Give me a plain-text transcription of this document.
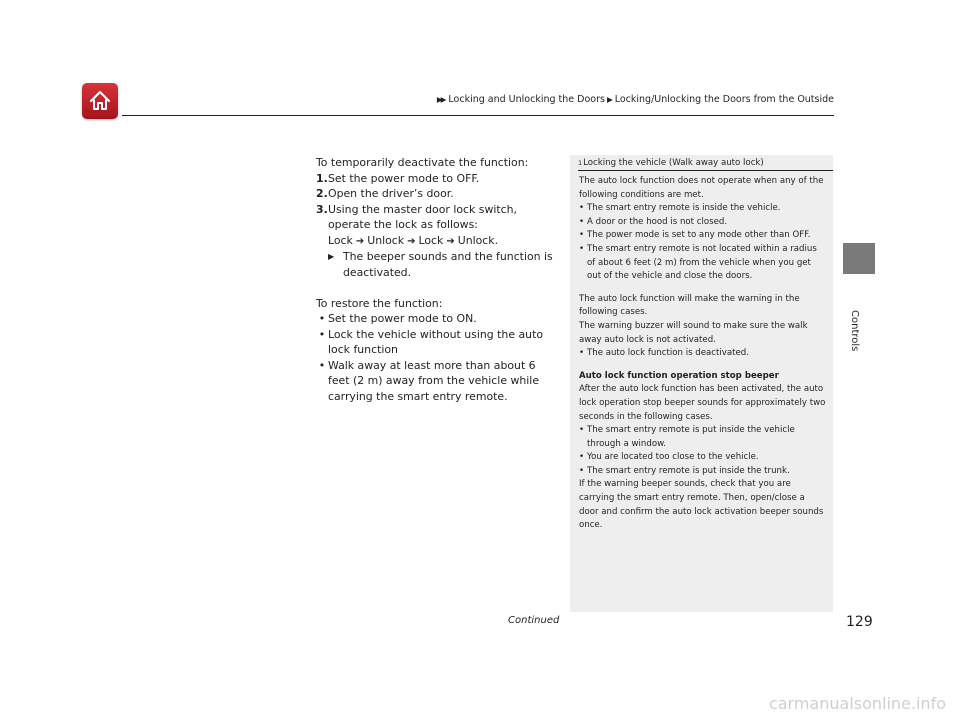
▶▶ Locking and Unlocking the Doors ▶ Locking/Unlocking the Doors from the Outside

To temporarily deactivate the function:

1. Set the power mode to OFF.
2. Open the driver’s door.
3. Using the master door lock switch, operate the lock as follows:
Lock ➔ Unlock ➔ Lock ➔ Unlock.
▶ The beeper sounds and the function is
deactivated.

To restore the function:

• Set the power mode to ON.
• Lock the vehicle without using the auto lock function
• Walk away at least more than about 6 feet (2 m) away from the vehicle while carrying the smart entry remote.
$^1$Locking the vehicle (Walk away auto lock)

The auto lock function does not operate when any of the following conditions are met.

• The smart entry remote is inside the vehicle.
• A door or the hood is not closed.
• The power mode is set to any mode other than OFF.
• The smart entry remote is not located within a radius of about 6 feet (2 m) from the vehicle when you get out of the vehicle and close the doors.

The auto lock function will make the warning in the following cases.

The warning buzzer will sound to make sure the walk away auto lock is not activated.

• The auto lock function is deactivated.

Auto lock function operation stop beeper

After the auto lock function has been activated, the auto lock operation stop beeper sounds for approximately two seconds in the following cases.

• The smart entry remote is put inside the vehicle through a window.
• You are located too close to the vehicle.
• The smart entry remote is put inside the trunk.

If the warning beeper sounds, check that you are carrying the smart entry remote. Then, open/close a door and confirm the auto lock activation beeper sounds once.

Controls
Continued	129
carmanualsonline.info
